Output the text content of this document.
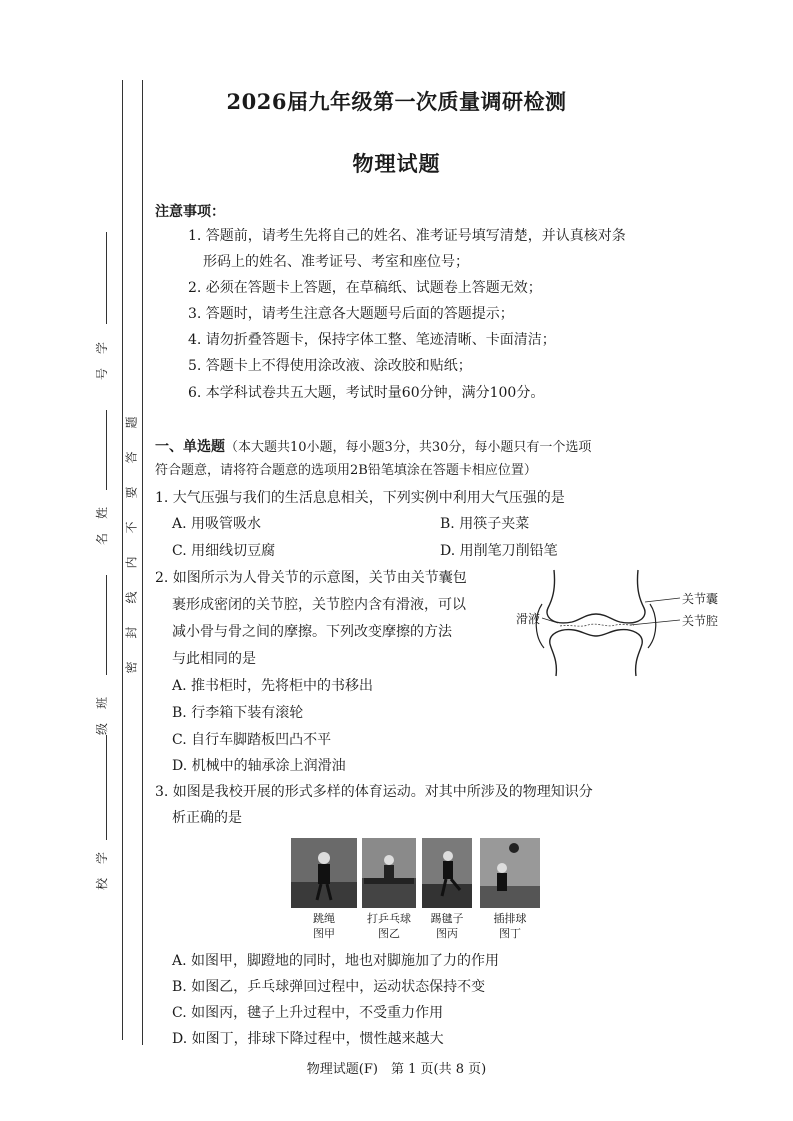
学
号
姓
名
班
级
学
校
题
答
要
不
内
线
封
密
2026届九年级第一次质量调研检测
物理试题
注意事项：
1. 答题前，请考生先将自己的姓名、准考证号填写清楚，并认真核对条
形码上的姓名、准考证号、考室和座位号；
2. 必须在答题卡上答题，在草稿纸、试题卷上答题无效；
3. 答题时，请考生注意各大题题号后面的答题提示；
4. 请勿折叠答题卡，保持字体工整、笔迹清晰、卡面清洁；
5. 答题卡上不得使用涂改液、涂改胶和贴纸；
6. 本学科试卷共五大题，考试时量60分钟，满分100分。
一、单选题（本大题共10小题，每小题3分，共30分，每小题只有一个选项
符合题意，请将符合题意的选项用2B铅笔填涂在答题卡相应位置）
1. 大气压强与我们的生活息息相关，下列实例中利用大气压强的是
A. 用吸管吸水	B. 用筷子夹菜
C. 用细线切豆腐	D. 用削笔刀削铅笔
2. 如图所示为人骨关节的示意图，关节由关节囊包
裹形成密闭的关节腔，关节腔内含有滑液，可以
减小骨与骨之间的摩擦。下列改变摩擦的方法
与此相同的是
A. 推书柜时，先将柜中的书移出
B. 行李箱下装有滚轮
C. 自行车脚踏板凹凸不平
D. 机械中的轴承涂上润滑油
关节囊
关节腔
滑液
3. 如图是我校开展的形式多样的体育运动。对其中所涉及的物理知识分
析正确的是
跳绳
图甲
打乒乓球
图乙
踢毽子
图丙
插排球
图丁
A. 如图甲，脚蹬地的同时，地也对脚施加了力的作用
B. 如图乙，乒乓球弹回过程中，运动状态保持不变
C. 如图丙，毽子上升过程中，不受重力作用
D. 如图丁，排球下降过程中，惯性越来越大
物理试题(F)　第 1 页(共 8 页)
